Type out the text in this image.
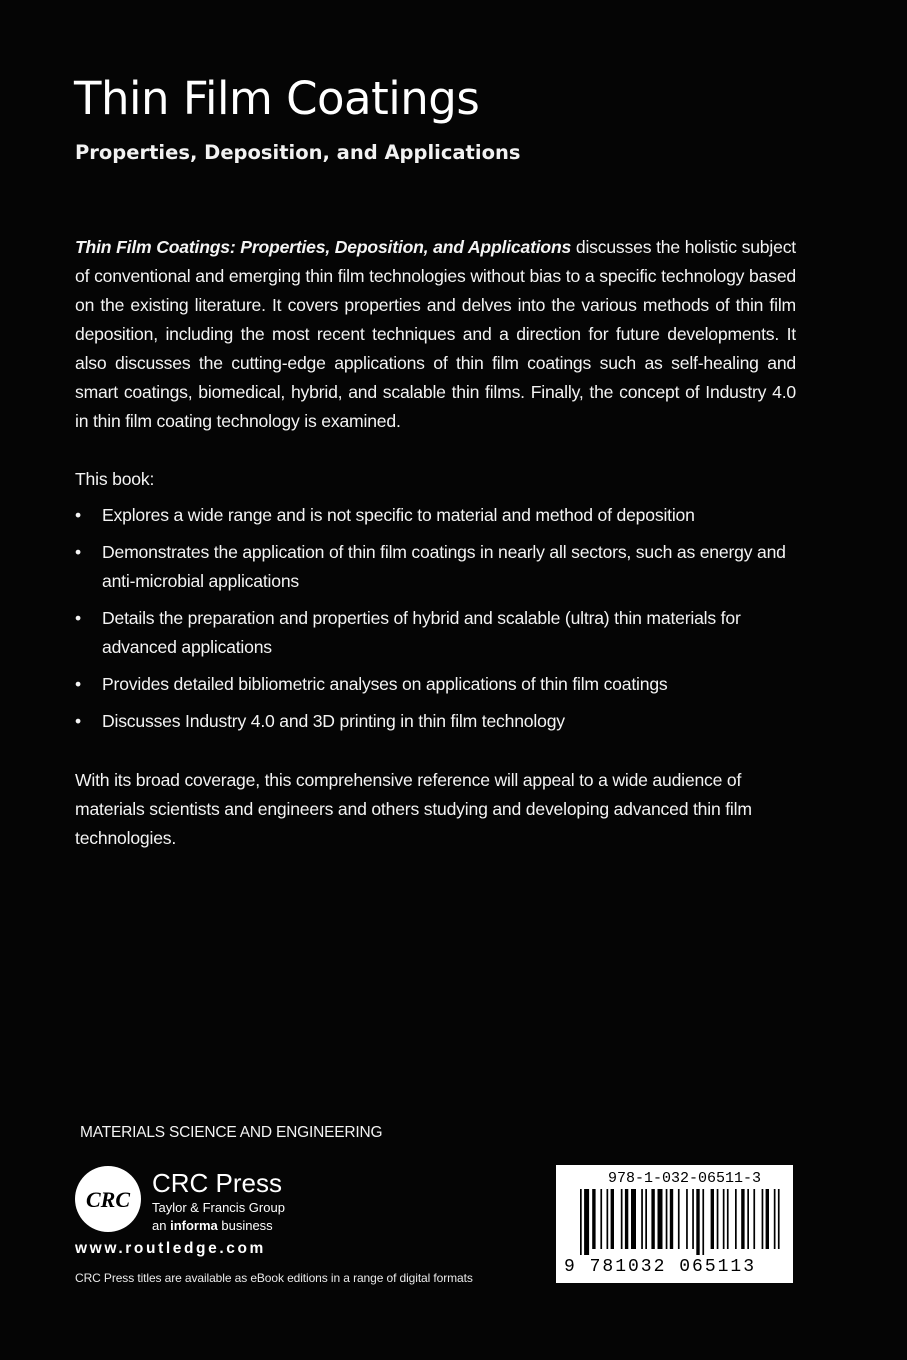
Thin Film Coatings
Properties, Deposition, and Applications

Thin Film Coatings: Properties, Deposition, and Applications discusses the holistic subject of conventional and emerging thin film technologies without bias to a specific technology based on the existing literature. It covers properties and delves into the various methods of thin film deposition, including the most recent techniques and a direction for future developments. It also discusses the cutting-edge applications of thin film coatings such as self-healing and smart coatings, biomedical, hybrid, and scalable thin films. Finally, the concept of Industry 4.0 in thin film coating technology is examined.

This book:

• Explores a wide range and is not specific to material and method of deposition
• Demonstrates the application of thin film coatings in nearly all sectors, such as energy and anti-microbial applications
• Details the preparation and properties of hybrid and scalable (ultra) thin materials for advanced applications
• Provides detailed bibliometric analyses on applications of thin film coatings
• Discusses Industry 4.0 and 3D printing in thin film technology

With its broad coverage, this comprehensive reference will appeal to a wide audience of materials scientists and engineers and others studying and developing advanced thin film technologies.

MATERIALS SCIENCE AND ENGINEERING
CRC
CRC Press
Taylor & Francis Group
an informa business
www.routledge.com
CRC Press titles are available as eBook editions in a range of digital formats
978-1-032-06511-3
9 781032 065113
